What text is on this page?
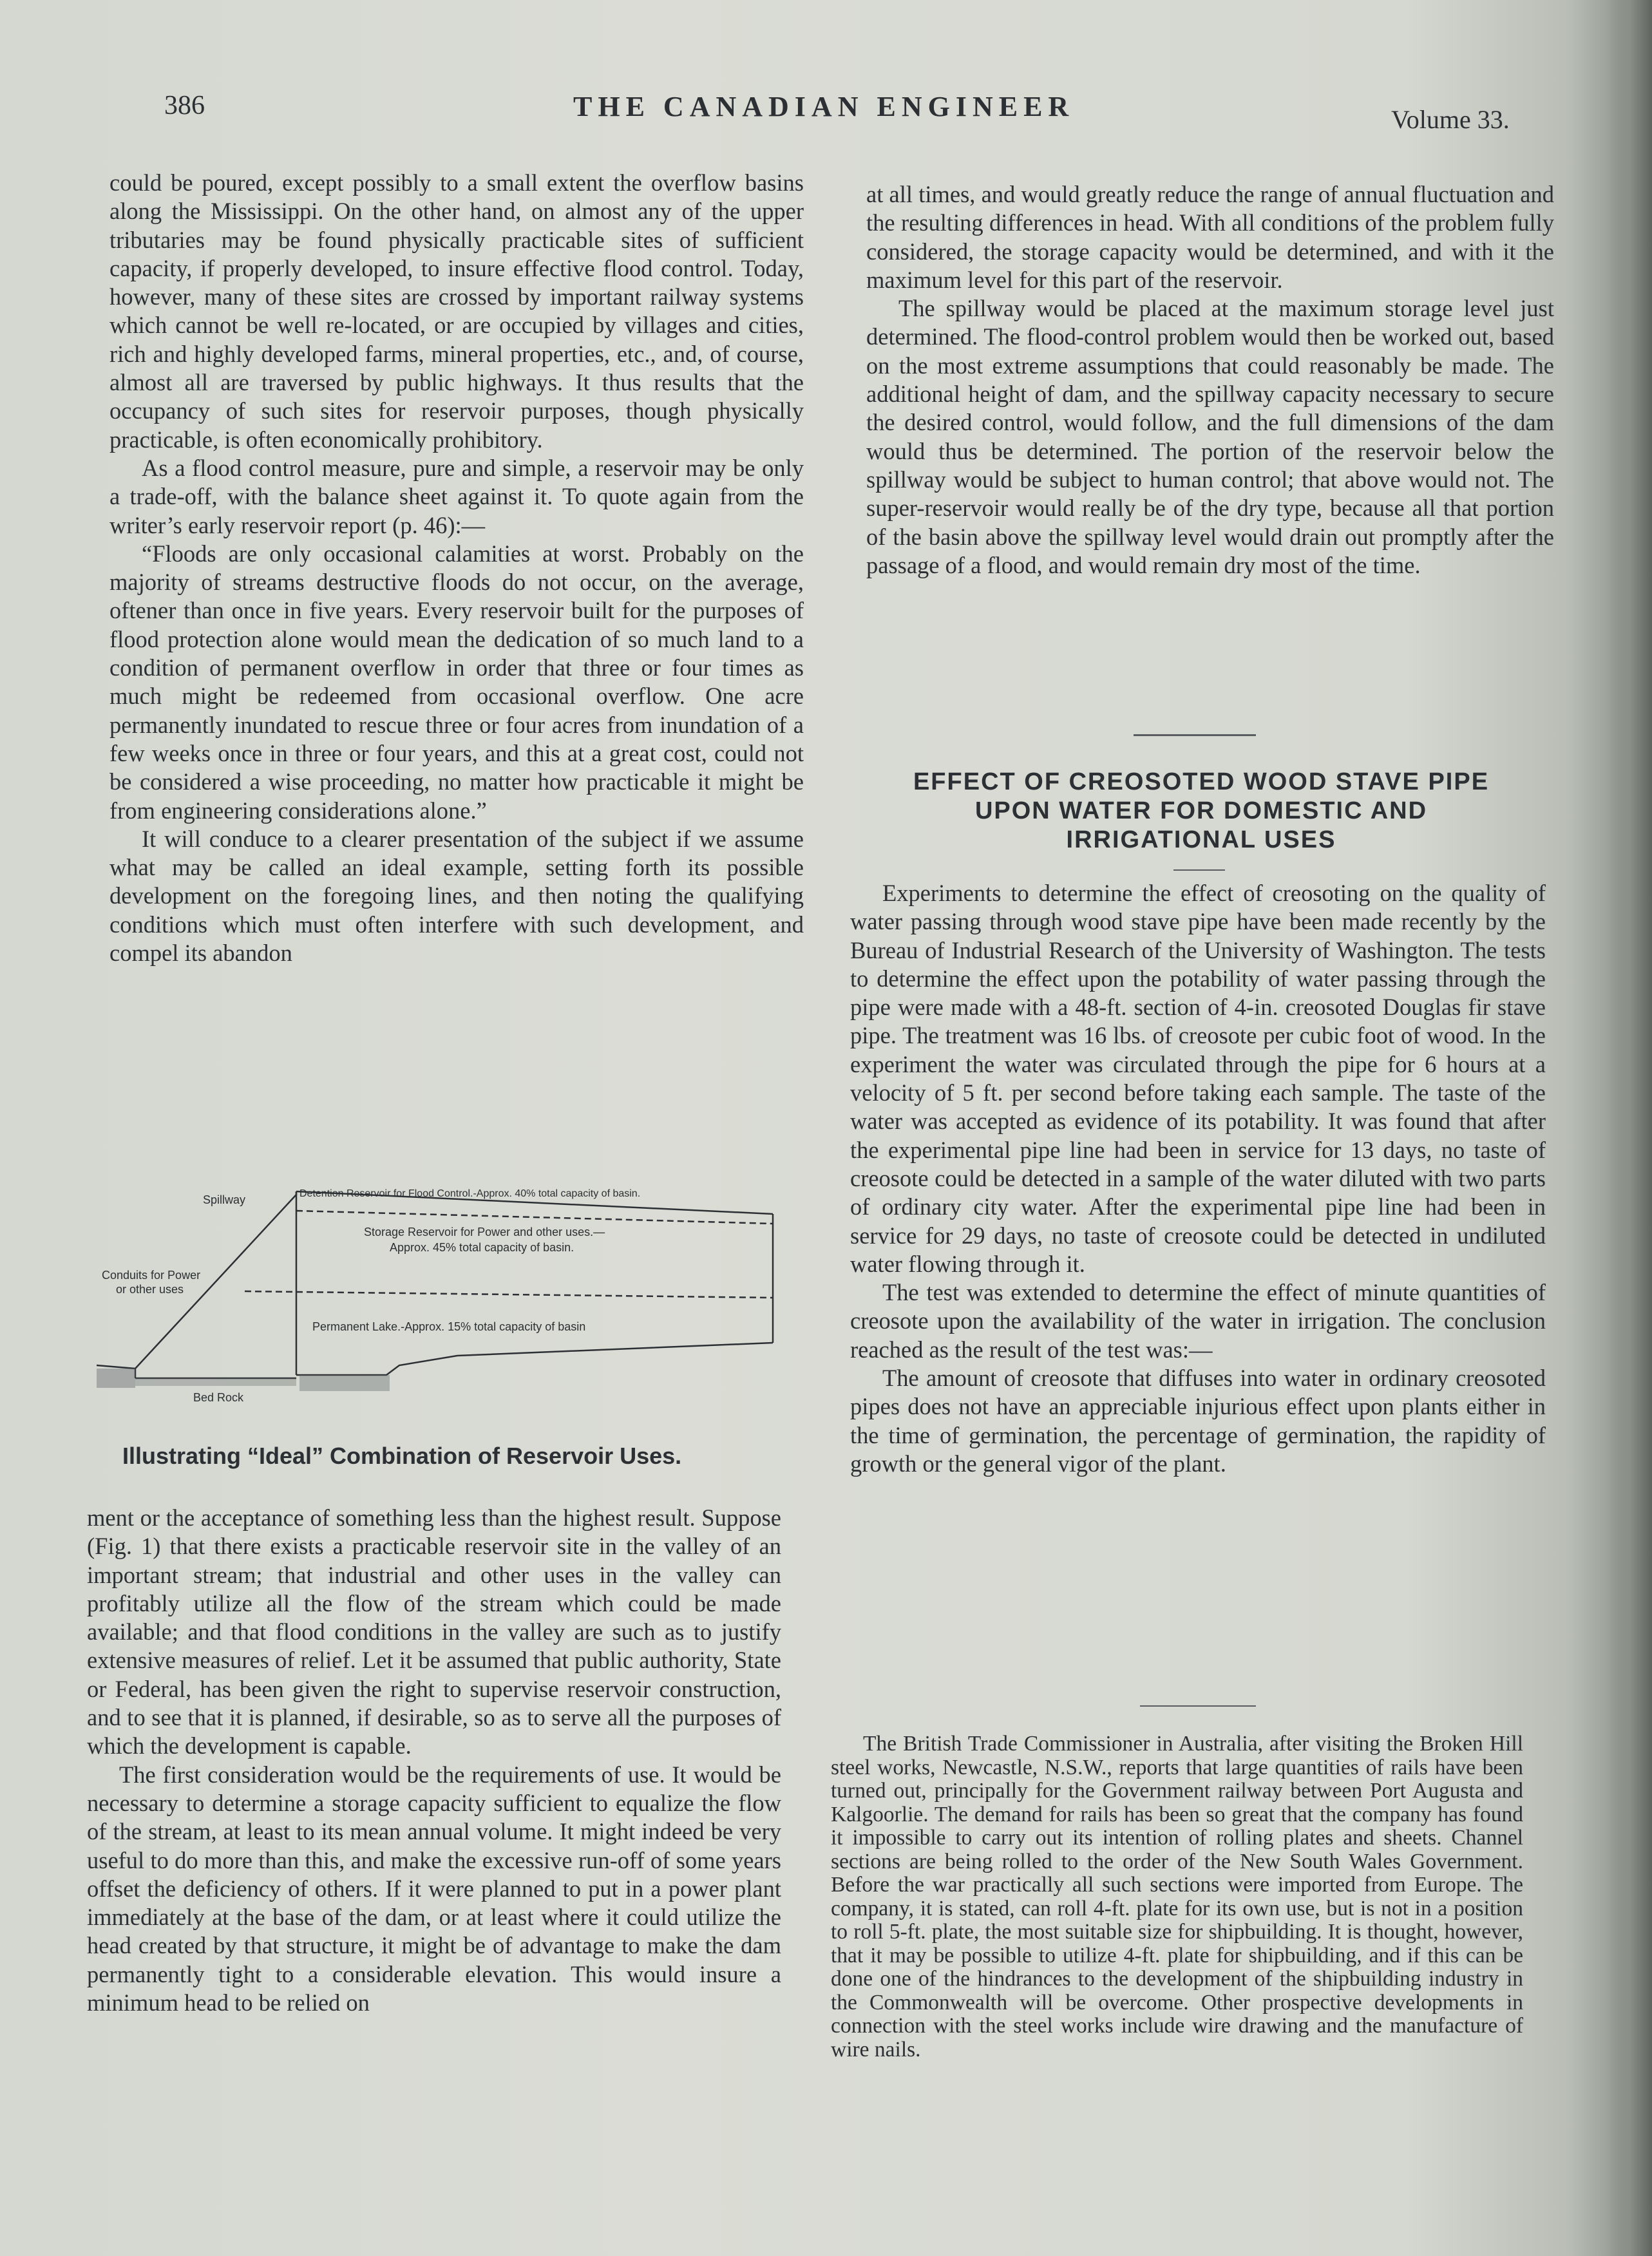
386	THE CANADIAN ENGINEER	Volume 33.

could be poured, except possibly to a small extent the overflow basins along the Mississippi. On the other hand, on almost any of the upper tributaries may be found physically practicable sites of sufficient capacity, if properly developed, to insure effective flood control. Today, however, many of these sites are crossed by important railway systems which cannot be well re-located, or are occupied by villages and cities, rich and highly developed farms, mineral properties, etc., and, of course, almost all are traversed by public highways. It thus results that the occupancy of such sites for reservoir purposes, though physically practicable, is often economically prohibitory.

As a flood control measure, pure and simple, a reservoir may be only a trade-off, with the balance sheet against it. To quote again from the writer’s early reservoir report (p. 46):—

“Floods are only occasional calamities at worst. Probably on the majority of streams destructive floods do not occur, on the average, oftener than once in five years. Every reservoir built for the purposes of flood protection alone would mean the dedication of so much land to a condition of permanent overflow in order that three or four times as much might be redeemed from occasional overflow. One acre permanently inundated to rescue three or four acres from inundation of a few weeks once in three or four years, and this at a great cost, could not be considered a wise proceeding, no matter how practicable it might be from engineering considerations alone.”

It will conduce to a clearer presentation of the subject if we assume what may be called an ideal example, setting forth its possible development on the foregoing lines, and then noting the qualifying conditions which must often interfere with such development, and compel its abandon

Spillway	Detention Reservoir for Flood Control.-Approx. 40% total capacity of basin.
Storage Reservoir for Power and other uses.—
Approx. 45% total capacity of basin.
Conduits for Power
or other uses
Permanent Lake.-Approx. 15% total capacity of basin
Bed Rock
Illustrating “Ideal” Combination of Reservoir Uses.

ment or the acceptance of something less than the highest result. Suppose (Fig. 1) that there exists a practicable reservoir site in the valley of an important stream; that industrial and other uses in the valley can profitably utilize all the flow of the stream which could be made available; and that flood conditions in the valley are such as to justify extensive measures of relief. Let it be assumed that public authority, State or Federal, has been given the right to supervise reservoir construction, and to see that it is planned, if desirable, so as to serve all the purposes of which the development is capable.

The first consideration would be the requirements of use. It would be necessary to determine a storage capacity sufficient to equalize the flow of the stream, at least to its mean annual volume. It might indeed be very useful to do more than this, and make the excessive run-off of some years offset the deficiency of others. If it were planned to put in a power plant immediately at the base of the dam, or at least where it could utilize the head created by that structure, it might be of advantage to make the dam permanently tight to a considerable elevation. This would insure a minimum head to be relied on

at all times, and would greatly reduce the range of annual fluctuation and the resulting differences in head. With all conditions of the problem fully considered, the storage capacity would be determined, and with it the maximum level for this part of the reservoir.

The spillway would be placed at the maximum storage level just determined. The flood-control problem would then be worked out, based on the most extreme assumptions that could reasonably be made. The additional height of dam, and the spillway capacity necessary to secure the desired control, would follow, and the full dimensions of the dam would thus be determined. The portion of the reservoir below the spillway would be subject to human control; that above would not. The super-reservoir would really be of the dry type, because all that portion of the basin above the spillway level would drain out promptly after the passage of a flood, and would remain dry most of the time.

EFFECT OF CREOSOTED WOOD STAVE PIPE
UPON WATER FOR DOMESTIC AND
IRRIGATIONAL USES

Experiments to determine the effect of creosoting on the quality of water passing through wood stave pipe have been made recently by the Bureau of Industrial Research of the University of Washington. The tests to determine the effect upon the potability of water passing through the pipe were made with a 48-ft. section of 4-in. creosoted Douglas fir stave pipe. The treatment was 16 lbs. of creosote per cubic foot of wood. In the experiment the water was circulated through the pipe for 6 hours at a velocity of 5 ft. per second before taking each sample. The taste of the water was accepted as evidence of its potability. It was found that after the experimental pipe line had been in service for 13 days, no taste of creosote could be detected in a sample of the water diluted with two parts of ordinary city water. After the experimental pipe line had been in service for 29 days, no taste of creosote could be detected in undiluted water flowing through it.

The test was extended to determine the effect of minute quantities of creosote upon the availability of the water in irrigation. The conclusion reached as the result of the test was:—

The amount of creosote that diffuses into water in ordinary creosoted pipes does not have an appreciable injurious effect upon plants either in the time of germination, the percentage of germination, the rapidity of growth or the general vigor of the plant.

The British Trade Commissioner in Australia, after visiting the Broken Hill steel works, Newcastle, N.S.W., reports that large quantities of rails have been turned out, principally for the Government railway between Port Augusta and Kalgoorlie. The demand for rails has been so great that the company has found it impossible to carry out its intention of rolling plates and sheets. Channel sections are being rolled to the order of the New South Wales Government. Before the war practically all such sections were imported from Europe. The company, it is stated, can roll 4-ft. plate for its own use, but is not in a position to roll 5-ft. plate, the most suitable size for shipbuilding. It is thought, however, that it may be possible to utilize 4-ft. plate for shipbuilding, and if this can be done one of the hindrances to the development of the shipbuilding industry in the Commonwealth will be overcome. Other prospective developments in connection with the steel works include wire drawing and the manufacture of wire nails.
